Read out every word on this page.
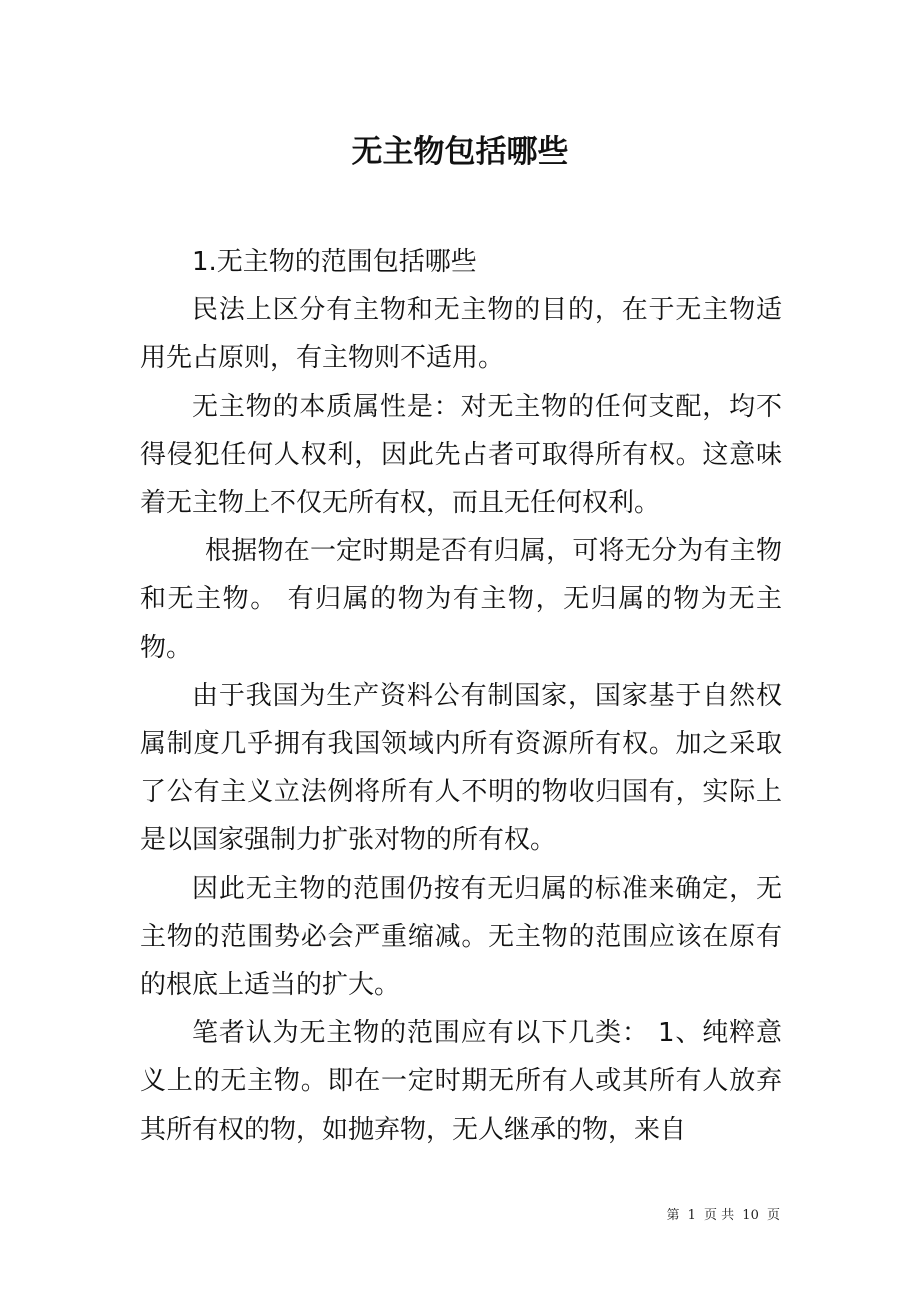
无主物包括哪些

1.无主物的范围包括哪些

民法上区分有主物和无主物的目的，在于无主物适用先占原则，有主物则不适用。

无主物的本质属性是：对无主物的任何支配，均不得侵犯任何人权利，因此先占者可取得所有权。这意味着无主物上不仅无所有权，而且无任何权利。

根据物在一定时期是否有归属，可将无分为有主物和无主物。 有归属的物为有主物，无归属的物为无主物。

由于我国为生产资料公有制国家，国家基于自然权属制度几乎拥有我国领域内所有资源所有权。加之采取了公有主义立法例将所有人不明的物收归国有，实际上是以国家强制力扩张对物的所有权。

因此无主物的范围仍按有无归属的标准来确定，无主物的范围势必会严重缩减。无主物的范围应该在原有的根底上适当的扩大。

笔者认为无主物的范围应有以下几类： 1、纯粹意义上的无主物。即在一定时期无所有人或其所有人放弃其所有权的物，如抛弃物，无人继承的物，来自

第 1 页 共 10 页
